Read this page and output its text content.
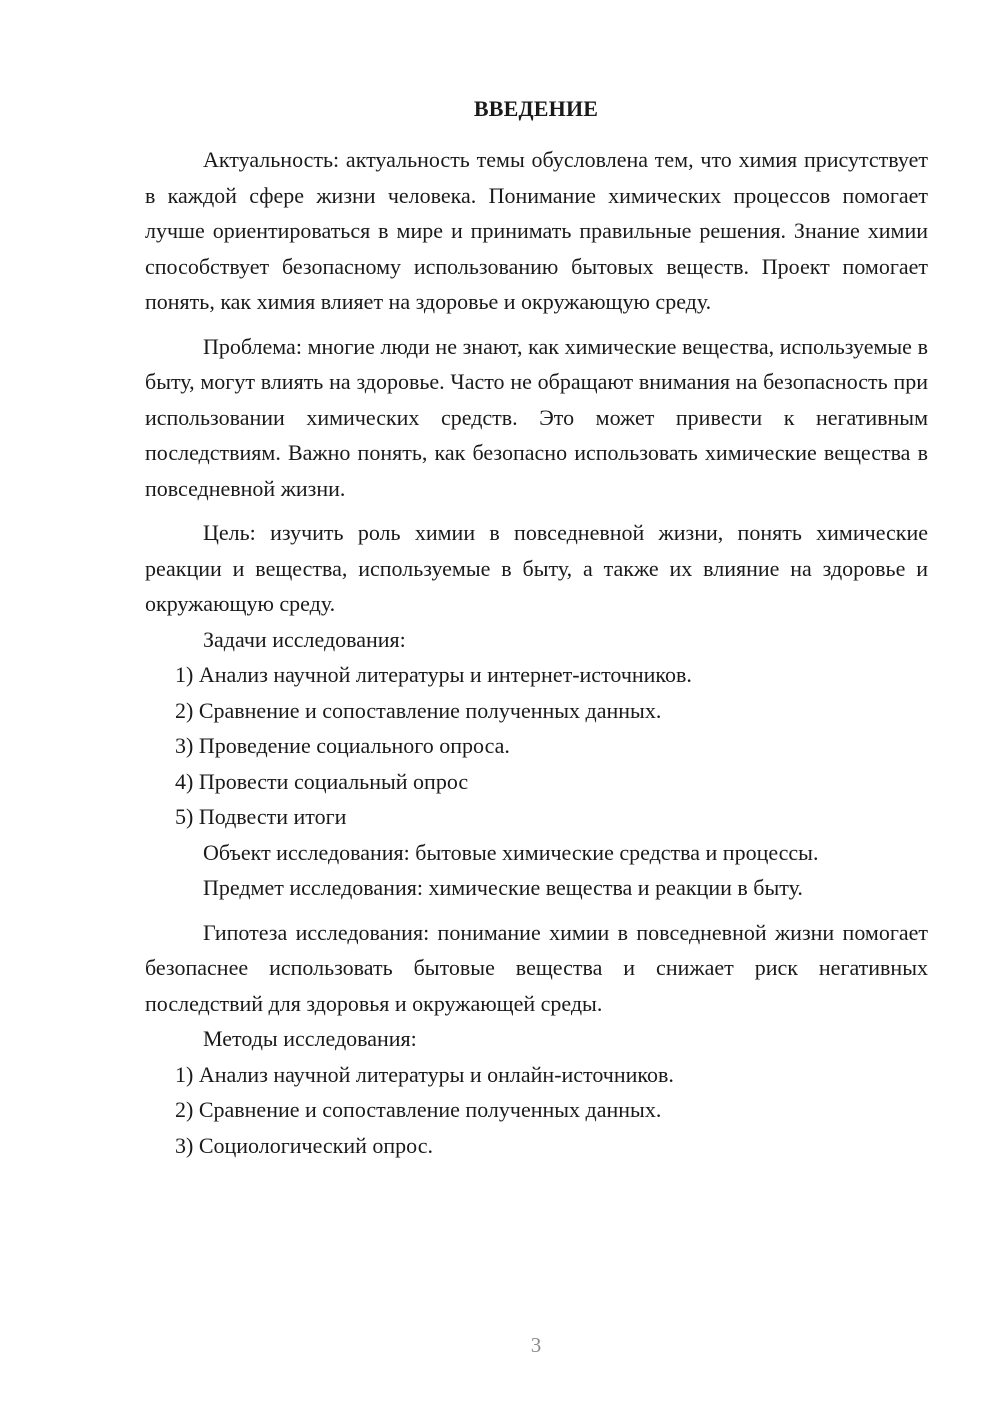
ВВЕДЕНИЕ

Актуальность: актуальность темы обусловлена тем, что химия присутствует в каждой сфере жизни человека. Понимание химических процессов помогает лучше ориентироваться в мире и принимать правильные решения. Знание химии способствует безопасному использованию бытовых веществ. Проект помогает понять, как химия влияет на здоровье и окружающую среду.

Проблема: многие люди не знают, как химические вещества, используемые в быту, могут влиять на здоровье. Часто не обращают внимания на безопасность при использовании химических средств. Это может привести к негативным последствиям. Важно понять, как безопасно использовать химические вещества в повседневной жизни.

Цель: изучить роль химии в повседневной жизни, понять химические реакции и вещества, используемые в быту, а также их влияние на здоровье и окружающую среду.

Задачи исследования:

1) Анализ научной литературы и интернет-источников.

2) Сравнение и сопоставление полученных данных.

3) Проведение социального опроса.

4) Провести социальный опрос

5) Подвести итоги

Объект исследования: бытовые химические средства и процессы.

Предмет исследования: химические вещества и реакции в быту.

Гипотеза исследования: понимание химии в повседневной жизни помогает безопаснее использовать бытовые вещества и снижает риск негативных последствий для здоровья и окружающей среды.

Методы исследования:

1) Анализ научной литературы и онлайн-источников.

2) Сравнение и сопоставление полученных данных.

3) Социологический опрос.

3
